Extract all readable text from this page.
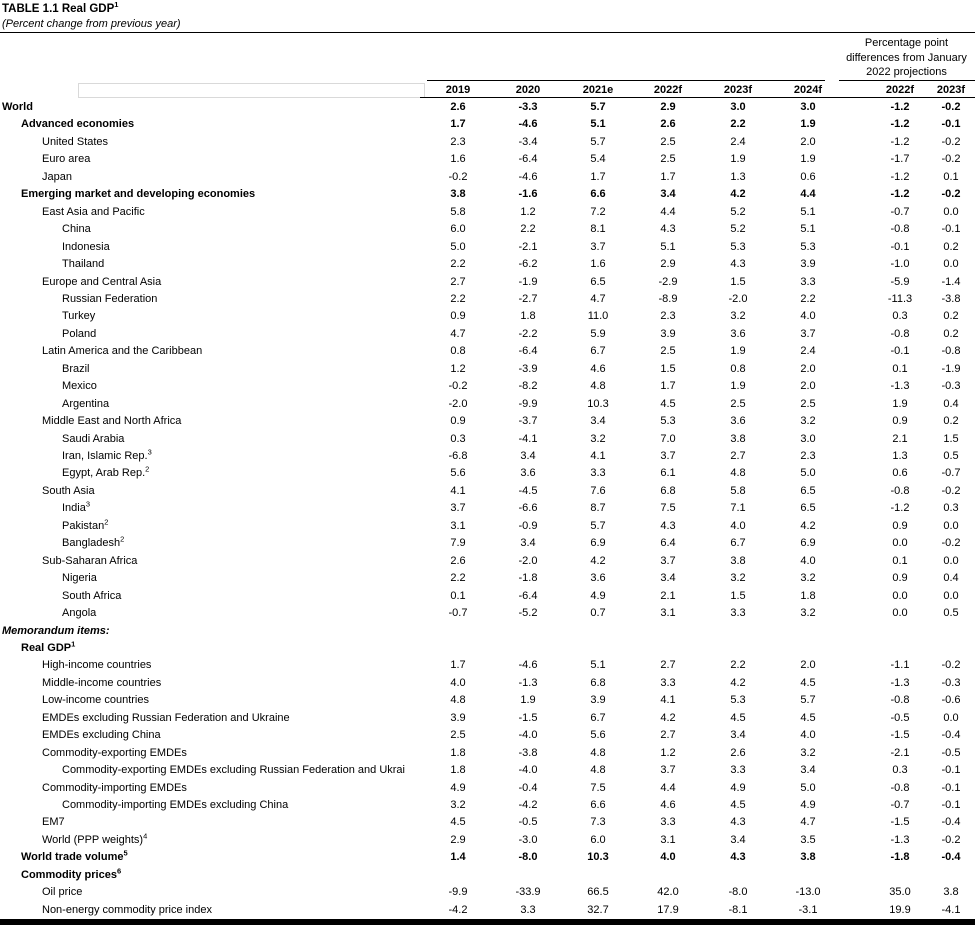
TABLE 1.1 Real GDP$^1$
(Percent change from previous year)
Percentage point
differences from January
2022 projections
2019	2020	2021e	2022f	2023f	2024f	2022f	2023f
World	2.6	-3.3	5.7	2.9	3.0	3.0	-1.2	-0.2
Advanced economies	1.7	-4.6	5.1	2.6	2.2	1.9	-1.2	-0.1
United States	2.3	-3.4	5.7	2.5	2.4	2.0	-1.2	-0.2
Euro area	1.6	-6.4	5.4	2.5	1.9	1.9	-1.7	-0.2
Japan	-0.2	-4.6	1.7	1.7	1.3	0.6	-1.2	0.1
Emerging market and developing economies	3.8	-1.6	6.6	3.4	4.2	4.4	-1.2	-0.2
East Asia and Pacific	5.8	1.2	7.2	4.4	5.2	5.1	-0.7	0.0
China	6.0	2.2	8.1	4.3	5.2	5.1	-0.8	-0.1
Indonesia	5.0	-2.1	3.7	5.1	5.3	5.3	-0.1	0.2
Thailand	2.2	-6.2	1.6	2.9	4.3	3.9	-1.0	0.0
Europe and Central Asia	2.7	-1.9	6.5	-2.9	1.5	3.3	-5.9	-1.4
Russian Federation	2.2	-2.7	4.7	-8.9	-2.0	2.2	-11.3	-3.8
Turkey	0.9	1.8	11.0	2.3	3.2	4.0	0.3	0.2
Poland	4.7	-2.2	5.9	3.9	3.6	3.7	-0.8	0.2
Latin America and the Caribbean	0.8	-6.4	6.7	2.5	1.9	2.4	-0.1	-0.8
Brazil	1.2	-3.9	4.6	1.5	0.8	2.0	0.1	-1.9
Mexico	-0.2	-8.2	4.8	1.7	1.9	2.0	-1.3	-0.3
Argentina	-2.0	-9.9	10.3	4.5	2.5	2.5	1.9	0.4
Middle East and North Africa	0.9	-3.7	3.4	5.3	3.6	3.2	0.9	0.2
Saudi Arabia	0.3	-4.1	3.2	7.0	3.8	3.0	2.1	1.5
Iran, Islamic Rep.$^3$	-6.8	3.4	4.1	3.7	2.7	2.3	1.3	0.5
Egypt, Arab Rep.$^2$	5.6	3.6	3.3	6.1	4.8	5.0	0.6	-0.7
South Asia	4.1	-4.5	7.6	6.8	5.8	6.5	-0.8	-0.2
India$^3$	3.7	-6.6	8.7	7.5	7.1	6.5	-1.2	0.3
Pakistan$^2$	3.1	-0.9	5.7	4.3	4.0	4.2	0.9	0.0
Bangladesh$^2$	7.9	3.4	6.9	6.4	6.7	6.9	0.0	-0.2
Sub-Saharan Africa	2.6	-2.0	4.2	3.7	3.8	4.0	0.1	0.0
Nigeria	2.2	-1.8	3.6	3.4	3.2	3.2	0.9	0.4
South Africa	0.1	-6.4	4.9	2.1	1.5	1.8	0.0	0.0
Angola	-0.7	-5.2	0.7	3.1	3.3	3.2	0.0	0.5
Memorandum items:
Real GDP$^1$
High-income countries	1.7	-4.6	5.1	2.7	2.2	2.0	-1.1	-0.2
Middle-income countries	4.0	-1.3	6.8	3.3	4.2	4.5	-1.3	-0.3
Low-income countries	4.8	1.9	3.9	4.1	5.3	5.7	-0.8	-0.6
EMDEs excluding Russian Federation and Ukraine	3.9	-1.5	6.7	4.2	4.5	4.5	-0.5	0.0
EMDEs excluding China	2.5	-4.0	5.6	2.7	3.4	4.0	-1.5	-0.4
Commodity-exporting EMDEs	1.8	-3.8	4.8	1.2	2.6	3.2	-2.1	-0.5
Commodity-exporting EMDEs excluding Russian Federation and Ukrai	1.8	-4.0	4.8	3.7	3.3	3.4	0.3	-0.1
Commodity-importing EMDEs	4.9	-0.4	7.5	4.4	4.9	5.0	-0.8	-0.1
Commodity-importing EMDEs excluding China	3.2	-4.2	6.6	4.6	4.5	4.9	-0.7	-0.1
EM7	4.5	-0.5	7.3	3.3	4.3	4.7	-1.5	-0.4
World (PPP weights)$^4$	2.9	-3.0	6.0	3.1	3.4	3.5	-1.3	-0.2
World trade volume$^5$	1.4	-8.0	10.3	4.0	4.3	3.8	-1.8	-0.4
Commodity prices$^6$
Oil price	-9.9	-33.9	66.5	42.0	-8.0	-13.0	35.0	3.8
Non-energy commodity price index	-4.2	3.3	32.7	17.9	-8.1	-3.1	19.9	-4.1
